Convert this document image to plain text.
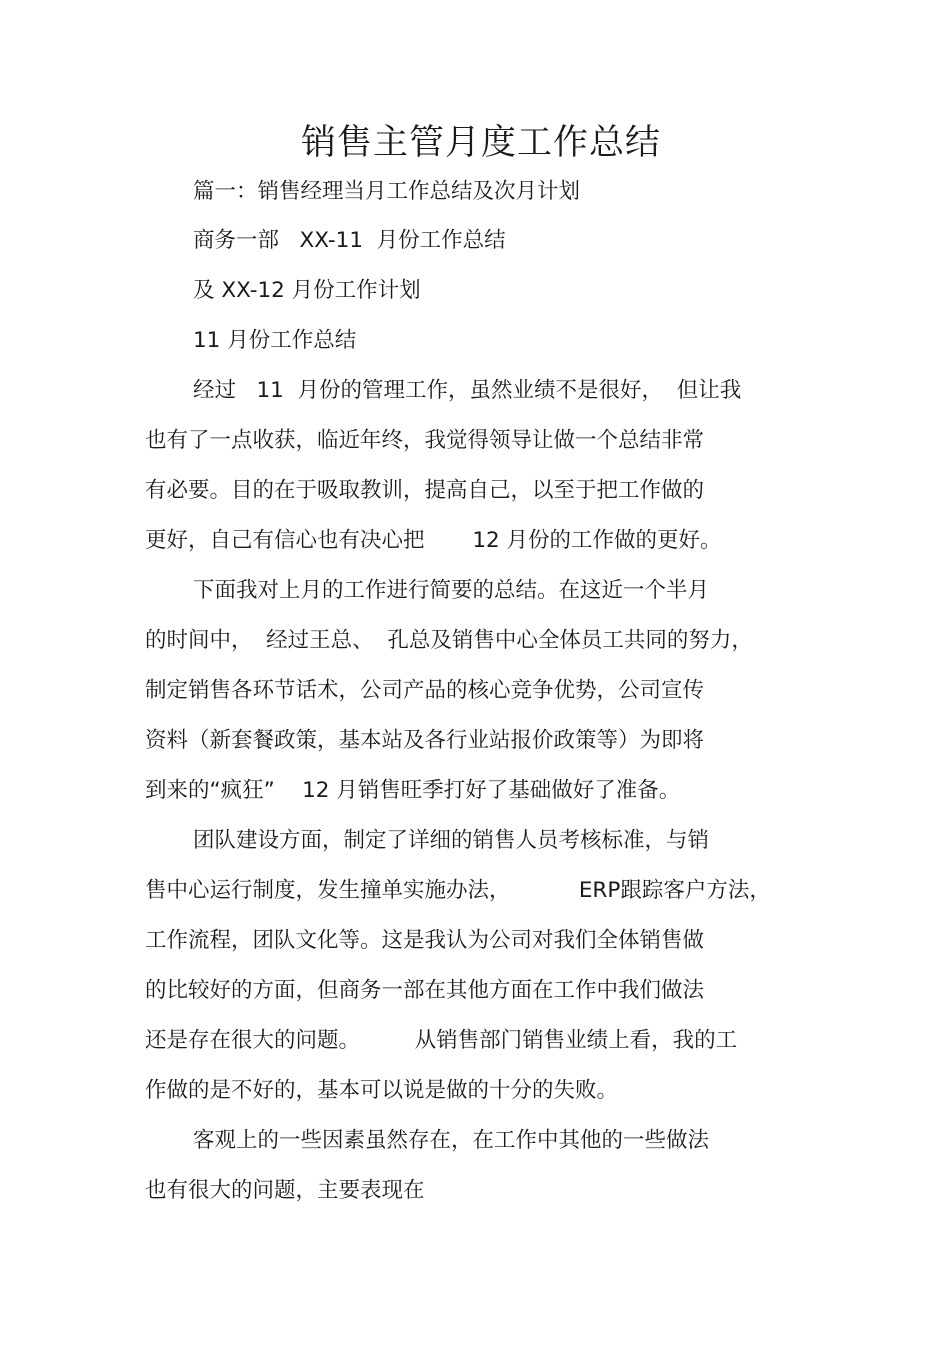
销售主管月度工作总结

篇一：销售经理当月工作总结及次月计划

商务一部   XX-11  月份工作总结

及 XX-12 月份工作计划

11 月份工作总结

经过   11  月份的管理工作，虽然业绩不是很好，  但让我

也有了一点收获，临近年终，我觉得领导让做一个总结非常

有必要。目的在于吸取教训，提高自己，以至于把工作做的

更好，自己有信心也有决心把       12 月份的工作做的更好。

下面我对上月的工作进行简要的总结。在这近一个半月

的时间中，  经过王总、  孔总及销售中心全体员工共同的努力，

制定销售各环节话术，公司产品的核心竞争优势，公司宣传

资料（新套餐政策，基本站及各行业站报价政策等）为即将

到来的“疯狂”    12 月销售旺季打好了基础做好了准备。

团队建设方面，制定了详细的销售人员考核标准，与销

售中心运行制度，发生撞单实施办法，          ERP跟踪客户方法，

工作流程，团队文化等。这是我认为公司对我们全体销售做

的比较好的方面，但商务一部在其他方面在工作中我们做法

还是存在很大的问题。        从销售部门销售业绩上看，我的工

作做的是不好的，基本可以说是做的十分的失败。

客观上的一些因素虽然存在，在工作中其他的一些做法

也有很大的问题，主要表现在
